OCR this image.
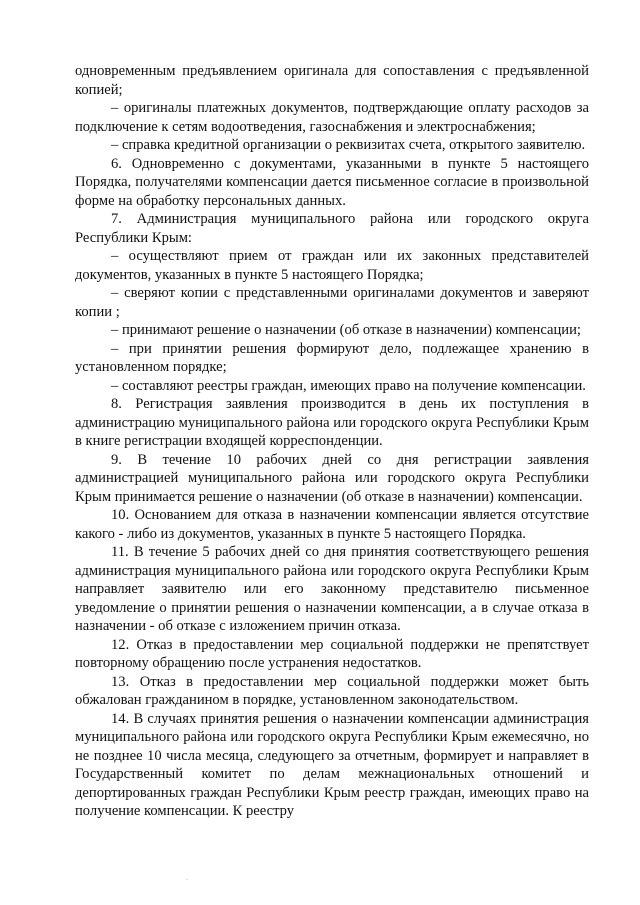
одновременным предъявлением оригинала для сопоставления с предъявленной копией;

– оригиналы платежных документов, подтверждающие оплату расходов за подключение к сетям водоотведения, газоснабжения и электроснабжения;

– справка кредитной организации о реквизитах счета, открытого заявителю.

6. Одновременно с документами, указанными в пункте 5 настоящего Порядка, получателями компенсации дается письменное согласие в произвольной форме на обработку персональных данных.

7. Администрация муниципального района или городского округа Республики Крым:

– осуществляют прием от граждан или их законных представителей документов, указанных в пункте 5 настоящего Порядка;

– сверяют копии с представленными оригиналами документов и заверяют копии ;

– принимают решение о назначении (об отказе в назначении) компенсации;

– при принятии решения формируют дело, подлежащее хранению в установленном порядке;

– составляют реестры граждан, имеющих право на получение компенсации.

8. Регистрация заявления производится в день их поступления в администрацию муниципального района или городского округа Республики Крым в книге регистрации входящей корреспонденции.

9. В течение 10 рабочих дней со дня регистрации заявления администрацией муниципального района или городского округа Республики Крым принимается решение о назначении (об отказе в назначении) компенсации.

10. Основанием для отказа в назначении компенсации является отсутствие какого - либо из документов, указанных в пункте 5 настоящего Порядка.

11. В течение 5 рабочих дней со дня принятия соответствующего решения администрация муниципального района или городского округа Республики Крым направляет заявителю или его законному представителю письменное уведомление о принятии решения о назначении компенсации, а в случае отказа в назначении - об отказе с изложением причин отказа.

12. Отказ в предоставлении мер социальной поддержки не препятствует повторному обращению после устранения недостатков.

13. Отказ в предоставлении мер социальной поддержки может быть обжалован гражданином в порядке, установленном законодательством.

14. В случаях принятия решения о назначении компенсации администрация муниципального района или городского округа Республики Крым ежемесячно, но не позднее 10 числа месяца, следующего за отчетным, формирует и направляет в Государственный комитет по делам межнациональных отношений и депортированных граждан Республики Крым реестр граждан, имеющих право на получение компенсации. К реестру

·
